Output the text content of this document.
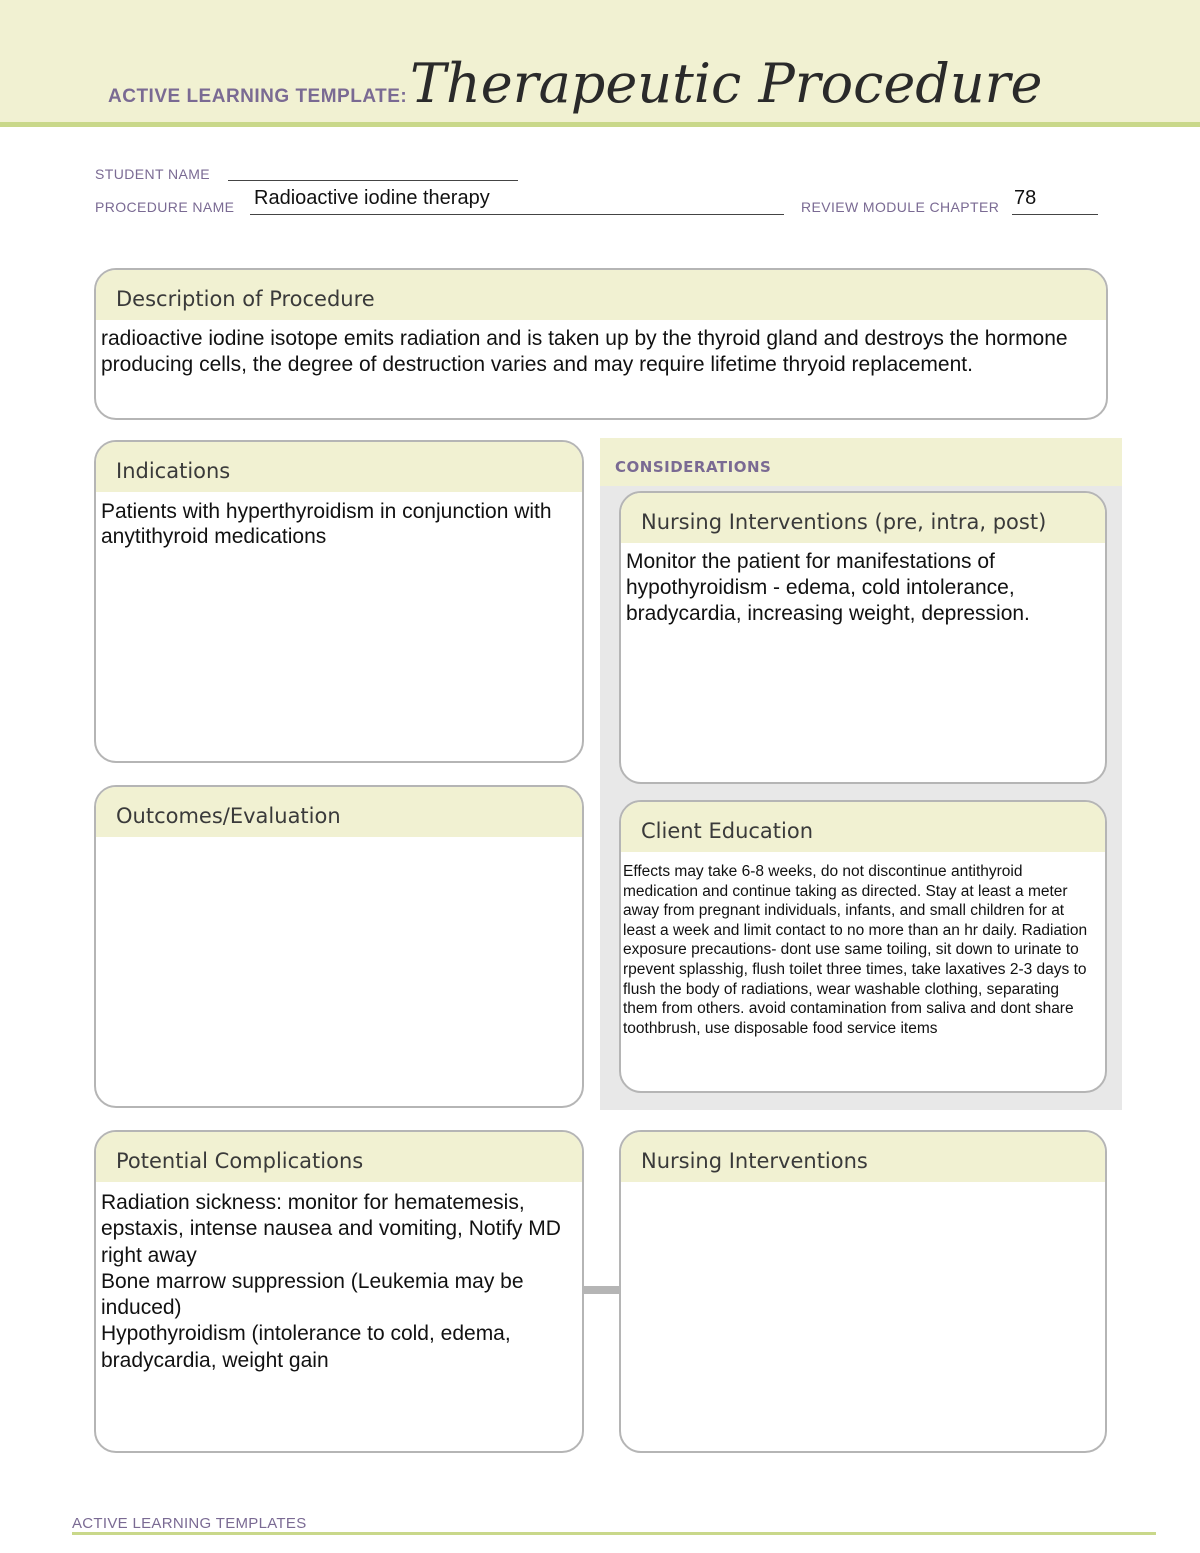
ACTIVE LEARNING TEMPLATE: Therapeutic Procedure
STUDENT NAME
PROCEDURE NAME Radioactive iodine therapy	REVIEW MODULE CHAPTER 78
Description of Procedure
radioactive iodine isotope emits radiation and is taken up by the thyroid gland and destroys the hormone producing cells, the degree of destruction varies and may require lifetime thryoid replacement.
Indications
Patients with hyperthyroidism in conjunction with anytithyroid medications
CONSIDERATIONS
Nursing Interventions (pre, intra, post)
Monitor the patient for manifestations of hypothyroidism - edema, cold intolerance, bradycardia, increasing weight, depression.
Client Education
Effects may take 6-8 weeks, do not discontinue antithyroid medication and continue taking as directed. Stay at least a meter away from pregnant individuals, infants, and small children for at least a week and limit contact to no more than an hr daily. Radiation exposure precautions- dont use same toiling, sit down to urinate to rpevent splasshig, flush toilet three times, take laxatives 2-3 days to flush the body of radiations, wear washable clothing, separating them from others. avoid contamination from saliva and dont share toothbrush, use disposable food service items
Outcomes/Evaluation
Potential Complications
Radiation sickness: monitor for hematemesis, epstaxis, intense nausea and vomiting, Notify MD right away
Bone marrow suppression (Leukemia may be induced)
Hypothyroidism (intolerance to cold, edema, bradycardia, weight gain
Nursing Interventions
ACTIVE LEARNING TEMPLATES
